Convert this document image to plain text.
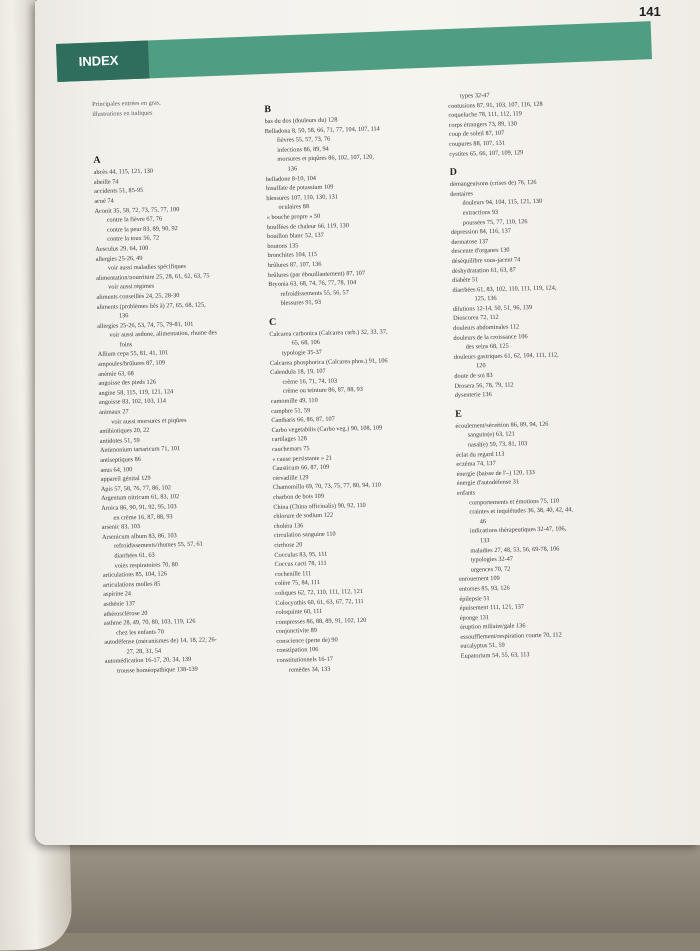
141
INDEX
Principales entrées en gras, illustrations en italiques
A
abcès 44, 115, 121, 130
abeille 74
accidents 51, 85-95
acné 74
Aconit 35, 58, 72, 73, 75, 77, 100
contre la fièvre 67, 76
contre la peur 83, 89, 90, 92
contre la toux 56, 72
Aesculus 29, 64, 100
allergies 25-26, 49
voir aussi maladies spécifiques
alimentation/nourriture 25, 28, 61, 62, 63, 75
voir aussi régimes
aliments conseillés 24, 25, 28-30
aliments (problèmes liés à) 27, 65, 68, 125,
136
allergies 25-26, 53, 74, 75, 79-81, 101
voir aussi asthme, alimentation, rhume des
foins
Allium cepa 55, 81, 41, 101
ampoules/brûlures 87, 109
anémie 63, 68
angoisse des pieds 126
angine 58, 115, 119, 121, 124
angoisse 83, 102, 103, 114
animaux 27
voir aussi morsures et piqûres
antibiotiques 20, 22
antidotes 51, 59
Antimonium tartaricum 71, 101
antiseptiques 86
anus 64, 100
appareil génital 129
Apis 57, 58, 76, 77, 86, 102
Argentum nitricum 61, 83, 102
Arnica 86, 90, 91, 92, 95, 103
en crème 16, 87, 88, 93
arsenic 83, 103
Arsenicum album 83, 86, 103
refroidissements/rhumes 55, 57, 61
diarrhées 61, 63
voies respiratoires 70, 80
articulations 85, 104, 126
articulations molles 85
aspirine 24
asthénie 137
athérosclérose 20
asthme 28, 49, 70, 80, 103, 119, 126
chez les enfants 70
autodéfense (mécanismes de) 14, 18, 22, 26-
27, 28, 31, 54
automédication 16-17, 20, 34, 139
trousse homéopathique 138-139
B
bas du dos (douleurs du) 128
Belladona 8, 50, 58, 66, 71, 77, 104, 107, 114
fièvres 55, 57, 73, 76
infections 86, 89, 94
morsures et piqûres 86, 102, 107, 120,
136
belladone 8-10, 104
bisulfate de potassium 109
blessures 107, 110, 130, 131
oculaires 88
« bouche propre » 50
bouffées de chaleur 66, 119, 130
bouillon blanc 52, 137
boutons 135
bronchites 104, 115
brûlures 87, 107, 136
brûlures (par ébouillantement) 87, 107
Bryonia 63, 68, 74, 76, 77, 78, 104
refroidissements 55, 56, 57
blessures 91, 93
C
Calcarea carbonica (Calcarea carb.) 32, 33, 37,
65, 68, 106
typologie 35-37
Calcarea phosphorica (Calcarea phos.) 91, 106
Calendula 18, 19, 107
crème 16, 71, 74, 103
crème ou teinture 86, 87, 88, 93
camomille 49, 110
camphre 51, 59
Cantharis 66, 86, 87, 107
Carbo vegetabilis (Carbo veg.) 90, 108, 109
cartilages 128
cauchemars 75
« cause persistante » 21
Causticum 66, 87, 109
cérvadille 129
Chamomilla 69, 70, 73, 75, 77, 80, 94, 110
charbon de bois 109
China (China officinalis) 90, 92, 110
chlorure de sodium 122
choléra 136
circulation sanguine 110
cirrhose 20
Cocculus 83, 95, 111
Coccus cacti 78, 111
cochenille 111
colère 75, 84, 111
coliques 62, 72, 110, 111, 112, 121
Colocynthis 60, 61, 63, 67, 72, 111
coloquinte 60, 111
compresses 86, 88, 89, 91, 102, 120
conjonctivite 89
conscience (perte de) 90
constipation 106
constitutionnels 16-17
remèdes 34, 133
types 32-47
contusions 87, 91, 103, 107, 116, 128
coqueluche 78, 111, 112, 119
corps étrangers 73, 89, 130
coup de soleil 87, 107
coupures 88, 107, 131
cystites 65, 66, 107, 109, 129
D
démangeaisons (crises de) 76, 126
dentaires
douleurs 94, 104, 115, 121, 130
extractions 93
poussées 75, 77, 110, 126
dépression 84, 116, 137
dermatose 137
descente d'organes 130
déséquilibre sous-jacent 74
déshydratation 61, 63, 87
diabète 51
diarrhées 61, 83, 102, 110, 111, 119, 124,
125, 136
dilutions 12-14, 50, 51, 96, 139
Dioscorea 72, 112
douleurs abdominales 112
douleurs de la croissance 106
des seins 68, 125
douleurs gastriques 61, 62, 104, 111, 112,
120
doute de soi 83
Drosera 56, 78, 79, 112
dysenterie 136
E
écoulement/sécrétion 86, 89, 94, 126
sanguin(e) 63, 121
nasal(e) 59, 73, 81, 103
éclat du regard 113
eczéma 74, 137
énergie (baisse de l'–) 120, 133
énergie d'autodéfense 31
enfants
comportements et émotions 75, 110
craintes et inquiétudes 36, 38, 40, 42, 44,
46
indications thérapeutiques 32-47, 106,
133
maladies 27, 48, 53, 56, 69-78, 106
typologies 32-47
urgences 70, 72
enrouement 109
entorses 85, 93, 126
épilepsie 51
épuisement 111, 121, 137
éponge 131
éruption miliaire/gale 136
essoufflement/respiration courte 70, 112
eucalyptus 51, 59
Eupatorium 54, 55, 63, 113
